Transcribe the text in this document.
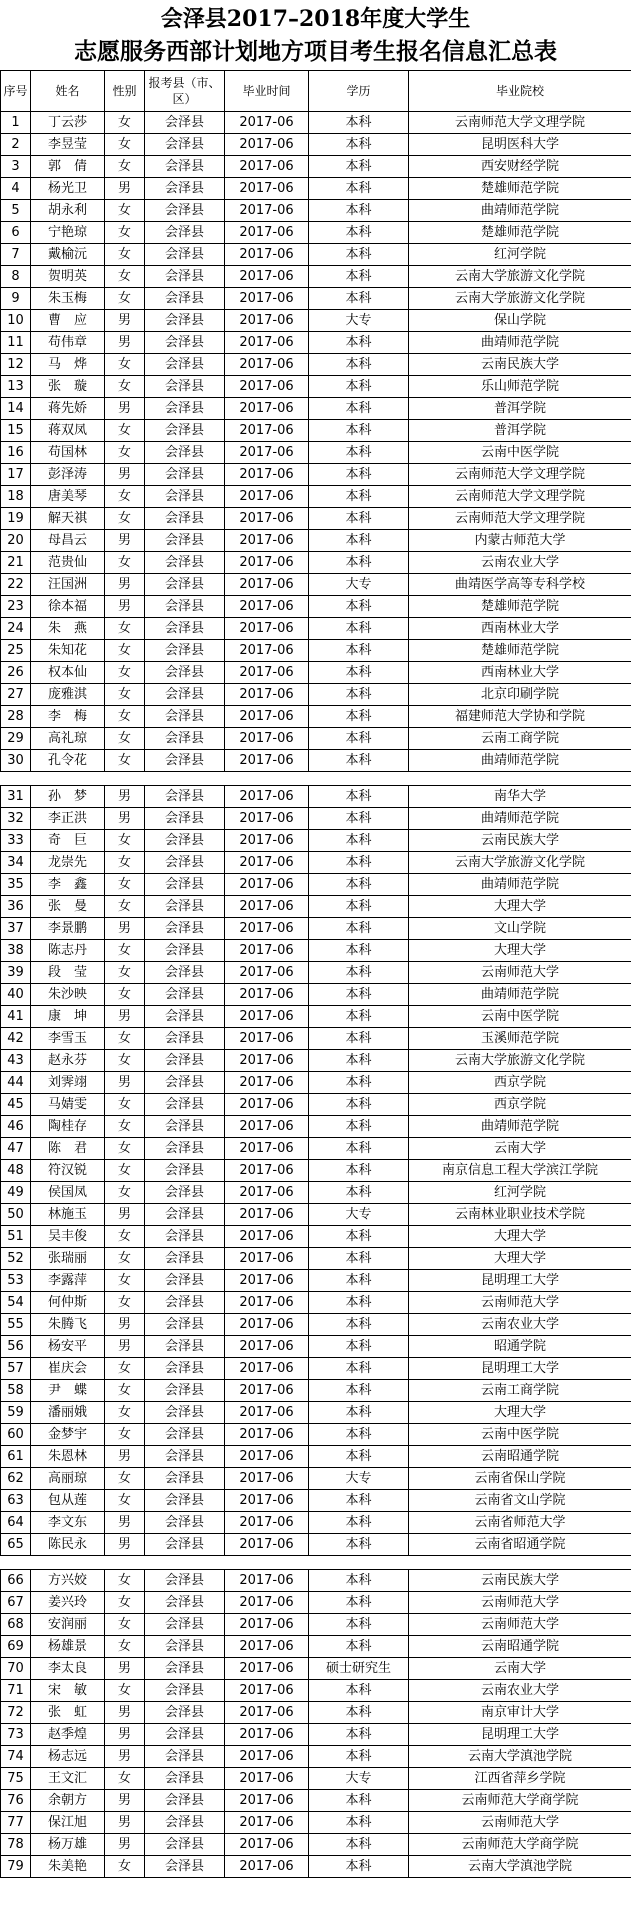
会泽县2017–2018年度大学生
志愿服务西部计划地方项目考生报名信息汇总表
序号	姓名	性别	报考县（市、区）	毕业时间	学历	毕业院校
1	丁云莎	女	会泽县	2017-06	本科	云南师范大学文理学院
2	李昱莹	女	会泽县	2017-06	本科	昆明医科大学
3	郭　倩	女	会泽县	2017-06	本科	西安财经学院
4	杨光卫	男	会泽县	2017-06	本科	楚雄师范学院
5	胡永利	女	会泽县	2017-06	本科	曲靖师范学院
6	宁艳琼	女	会泽县	2017-06	本科	楚雄师范学院
7	戴榆沅	女	会泽县	2017-06	本科	红河学院
8	贺明英	女	会泽县	2017-06	本科	云南大学旅游文化学院
9	朱玉梅	女	会泽县	2017-06	本科	云南大学旅游文化学院
10	曹　应	男	会泽县	2017-06	大专	保山学院
11	苟伟章	男	会泽县	2017-06	本科	曲靖师范学院
12	马　烨	女	会泽县	2017-06	本科	云南民族大学
13	张　璇	女	会泽县	2017-06	本科	乐山师范学院
14	蒋先娇	男	会泽县	2017-06	本科	普洱学院
15	蒋双凤	女	会泽县	2017-06	本科	普洱学院
16	苟国林	女	会泽县	2017-06	本科	云南中医学院
17	彭泽涛	男	会泽县	2017-06	本科	云南师范大学文理学院
18	唐美琴	女	会泽县	2017-06	本科	云南师范大学文理学院
19	解天祺	女	会泽县	2017-06	本科	云南师范大学文理学院
20	母昌云	男	会泽县	2017-06	本科	内蒙古师范大学
21	范贵仙	女	会泽县	2017-06	本科	云南农业大学
22	汪国洲	男	会泽县	2017-06	大专	曲靖医学高等专科学校
23	徐本福	男	会泽县	2017-06	本科	楚雄师范学院
24	朱　燕	女	会泽县	2017-06	本科	西南林业大学
25	朱知花	女	会泽县	2017-06	本科	楚雄师范学院
26	权本仙	女	会泽县	2017-06	本科	西南林业大学
27	庞雅淇	女	会泽县	2017-06	本科	北京印刷学院
28	李　梅	女	会泽县	2017-06	本科	福建师范大学协和学院
29	高礼琼	女	会泽县	2017-06	本科	云南工商学院
30	孔令花	女	会泽县	2017-06	本科	曲靖师范学院

31	孙　梦	男	会泽县	2017-06	本科	南华大学
32	李正洪	男	会泽县	2017-06	本科	曲靖师范学院
33	奇　巨	女	会泽县	2017-06	本科	云南民族大学
34	龙崇先	女	会泽县	2017-06	本科	云南大学旅游文化学院
35	李　鑫	女	会泽县	2017-06	本科	曲靖师范学院
36	张　曼	女	会泽县	2017-06	本科	大理大学
37	李景鹏	男	会泽县	2017-06	本科	文山学院
38	陈志丹	女	会泽县	2017-06	本科	大理大学
39	段　莹	女	会泽县	2017-06	本科	云南师范大学
40	朱沙映	女	会泽县	2017-06	本科	曲靖师范学院
41	康　坤	男	会泽县	2017-06	本科	云南中医学院
42	李雪玉	女	会泽县	2017-06	本科	玉溪师范学院
43	赵永芬	女	会泽县	2017-06	本科	云南大学旅游文化学院
44	刘霁翊	男	会泽县	2017-06	本科	西京学院
45	马婧雯	女	会泽县	2017-06	本科	西京学院
46	陶桂存	女	会泽县	2017-06	本科	曲靖师范学院
47	陈　君	女	会泽县	2017-06	本科	云南大学
48	符汉锐	女	会泽县	2017-06	本科	南京信息工程大学滨江学院
49	侯国凤	女	会泽县	2017-06	本科	红河学院
50	林施玉	男	会泽县	2017-06	大专	云南林业职业技术学院
51	吴丰俊	女	会泽县	2017-06	本科	大理大学
52	张瑞丽	女	会泽县	2017-06	本科	大理大学
53	李露萍	女	会泽县	2017-06	本科	昆明理工大学
54	何仲斯	女	会泽县	2017-06	本科	云南师范大学
55	朱腾飞	男	会泽县	2017-06	本科	云南农业大学
56	杨安平	男	会泽县	2017-06	本科	昭通学院
57	崔庆会	女	会泽县	2017-06	本科	昆明理工大学
58	尹　蝶	女	会泽县	2017-06	本科	云南工商学院
59	潘丽娥	女	会泽县	2017-06	本科	大理大学
60	金梦宇	女	会泽县	2017-06	本科	云南中医学院
61	朱恩林	男	会泽县	2017-06	本科	云南昭通学院
62	高丽琼	女	会泽县	2017-06	大专	云南省保山学院
63	包从莲	女	会泽县	2017-06	本科	云南省文山学院
64	李文东	男	会泽县	2017-06	本科	云南省师范大学
65	陈民永	男	会泽县	2017-06	本科	云南省昭通学院

66	方兴姣	女	会泽县	2017-06	本科	云南民族大学
67	姜兴玲	女	会泽县	2017-06	本科	云南师范大学
68	安润丽	女	会泽县	2017-06	本科	云南师范大学
69	杨雄景	女	会泽县	2017-06	本科	云南昭通学院
70	李太良	男	会泽县	2017-06	硕士研究生	云南大学
71	宋　敏	女	会泽县	2017-06	本科	云南农业大学
72	张　虹	男	会泽县	2017-06	本科	南京审计大学
73	赵季煌	男	会泽县	2017-06	本科	昆明理工大学
74	杨志远	男	会泽县	2017-06	本科	云南大学滇池学院
75	王文汇	女	会泽县	2017-06	大专	江西省萍乡学院
76	余朝方	男	会泽县	2017-06	本科	云南师范大学商学院
77	保江旭	男	会泽县	2017-06	本科	云南师范大学
78	杨万雄	男	会泽县	2017-06	本科	云南师范大学商学院
79	朱美艳	女	会泽县	2017-06	本科	云南大学滇池学院
